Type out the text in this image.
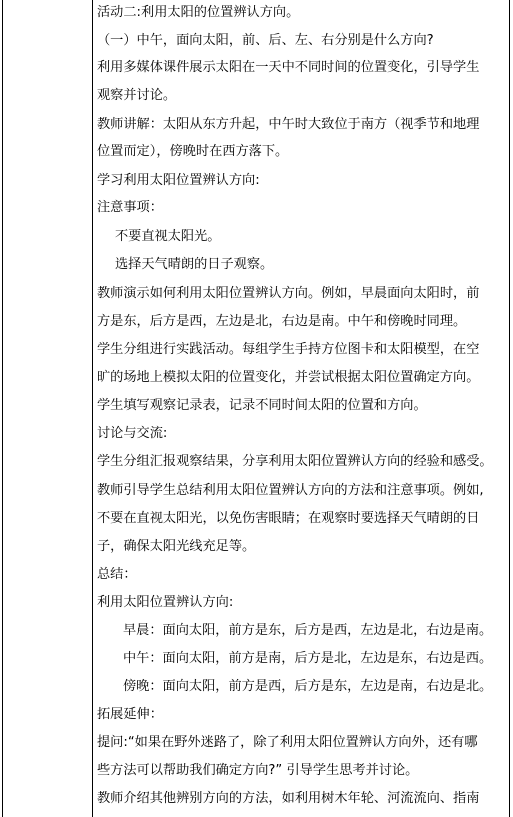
活动二:利用太阳的位置辨认方向。
（一）中午，面向太阳，前、后、左、右分别是什么方向?
利用多媒体课件展示太阳在一天中不同时间的位置变化，引导学生
观察并讨论。
教师讲解：太阳从东方升起，中午时大致位于南方（视季节和地理
位置而定），傍晚时在西方落下。
学习利用太阳位置辨认方向:
注意事项：
不要直视太阳光。
选择天气晴朗的日子观察。
教师演示如何利用太阳位置辨认方向。例如，早晨面向太阳时，前
方是东，后方是西，左边是北，右边是南。中午和傍晚时同理。
学生分组进行实践活动。每组学生手持方位图卡和太阳模型，在空
旷的场地上模拟太阳的位置变化，并尝试根据太阳位置确定方向。
学生填写观察记录表，记录不同时间太阳的位置和方向。
讨论与交流:
学生分组汇报观察结果，分享利用太阳位置辨认方向的经验和感受。
教师引导学生总结利用太阳位置辨认方向的方法和注意事项。例如,
不要在直视太阳光，以免伤害眼睛；在观察时要选择天气晴朗的日
子，确保太阳光线充足等。
总结：
利用太阳位置辨认方向:
早晨：面向太阳，前方是东，后方是西，左边是北，右边是南。
中午：面向太阳，前方是南，后方是北，左边是东，右边是西。
傍晚：面向太阳，前方是西，后方是东，左边是南，右边是北。
拓展延伸：
提问:“如果在野外迷路了，除了利用太阳位置辨认方向外，还有哪
些方法可以帮助我们确定方向?” 引导学生思考并讨论。
教师介绍其他辨别方向的方法，如利用树木年轮、河流流向、指南
